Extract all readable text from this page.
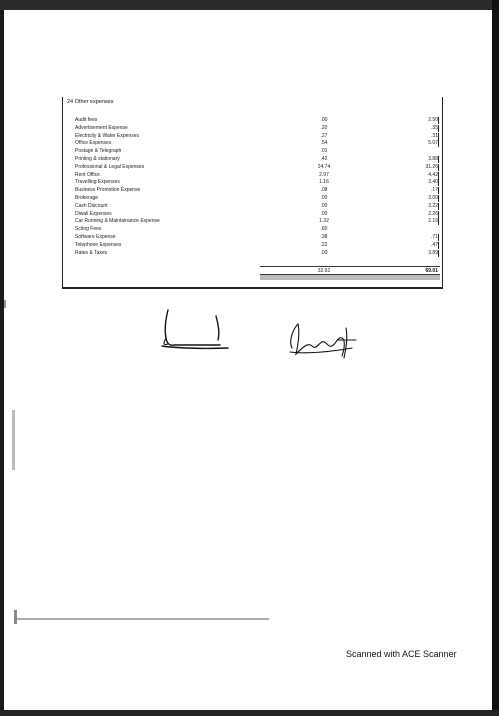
24 Other expenses
Audit fees	.00	2.50
Advertisement Expense	.20	.35
Electricity & Water Expenses	.27	.31
Office Expenses	.54	5.07
Postage & Telegraph	.01
Printing & stationary	.42	3.88
Professional & Legal Expenses	24.74	31.26
Rent Office	2.97	4.42
Travelling Expenses	1.16	3.40
Business Promotion Expense	.08	.17
Brokerage	.00	3.00
Cash Discount	.00	3.22
Diwali Expenses	.00	2.26
Car Running & Maintainance Expense	1.32	2.16
Scting Fees	.60
Software Expense	.38	.71
Telephone Expenses	.22	.47
Rates & Taxes	.00	3.89
32.92	69.01
Scanned with ACE Scanner
